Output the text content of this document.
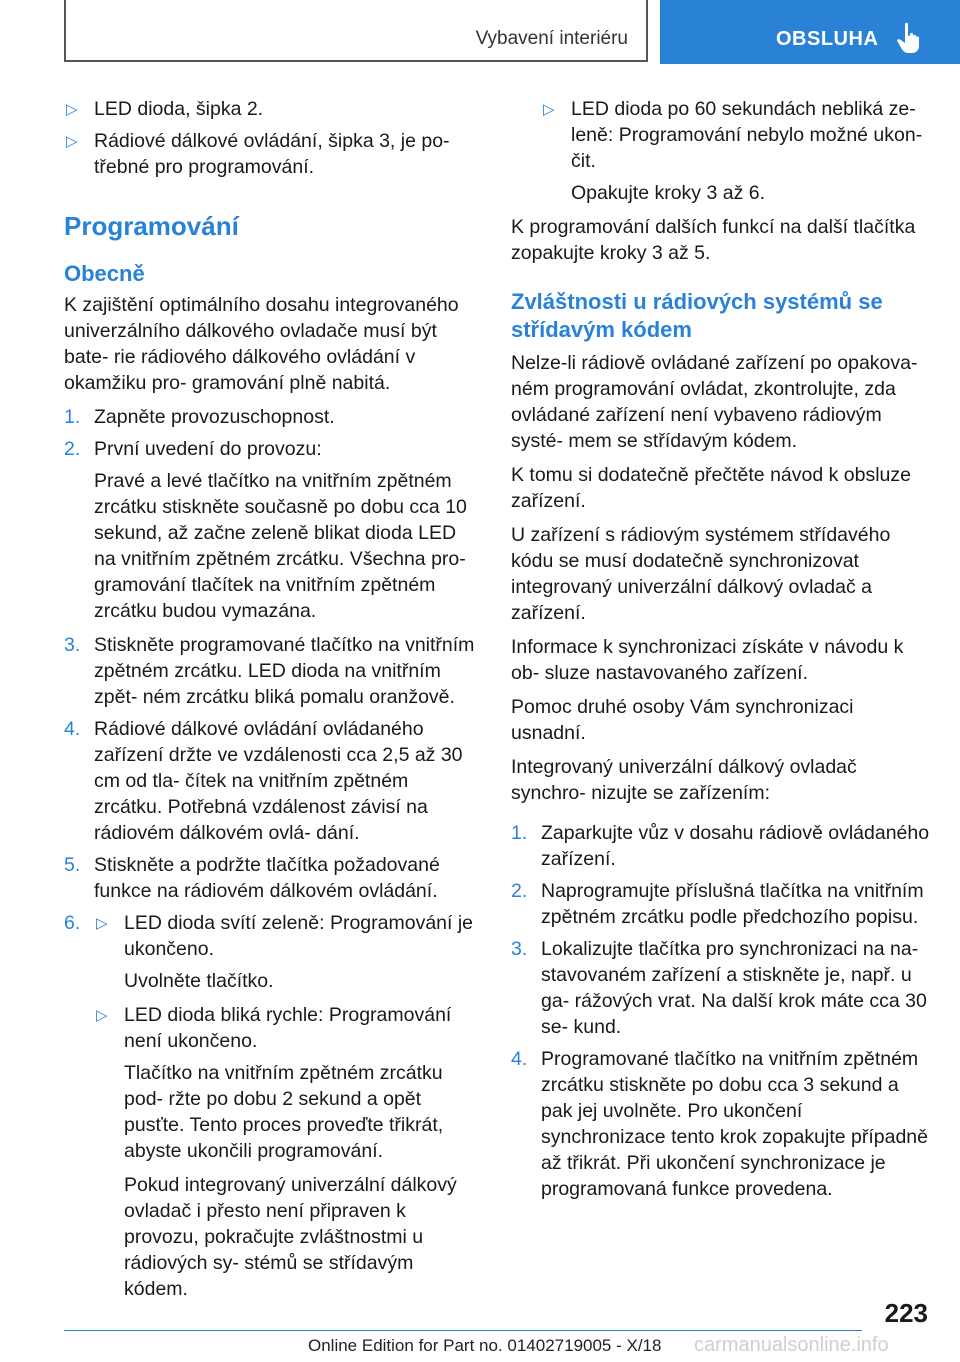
Vybavení interiéru	OBSLUHA
▷ LED dioda, šipka 2.
▷ Rádiové dálkové ovládání, šipka 3, je po‐ třebné pro programování.
Programování
Obecně

K zajištění optimálního dosahu integrovaného univerzálního dálkového ovladače musí být bate‐ rie rádiového dálkového ovládání v okamžiku pro‐ gramování plně nabitá.

1. Zapněte provozuschopnost.
2. První uvedení do provozu:

Pravé a levé tlačítko na vnitřním zpětném zrcátku stiskněte současně po dobu cca 10 sekund, až začne zeleně blikat dioda LED na vnitřním zpětném zrcátku. Všechna pro‐ gramování tlačítek na vnitřním zpětném zrcátku budou vymazána.

3. Stiskněte programované tlačítko na vnitřním zpětném zrcátku. LED dioda na vnitřním zpět‐ ném zrcátku bliká pomalu oranžově.
4. Rádiové dálkové ovládání ovládaného zařízení držte ve vzdálenosti cca 2,5 až 30 cm od tla‐ čítek na vnitřním zpětném zrcátku. Potřebná vzdálenost závisí na rádiovém dálkovém ovlá‐ dání.
5. Stiskněte a podržte tlačítka požadované funkce na rádiovém dálkovém ovládání.
6. ▷ LED dioda svítí zeleně: Programování je ukončeno.

Uvolněte tlačítko.

▷ LED dioda bliká rychle: Programování není ukončeno.

Tlačítko na vnitřním zpětném zrcátku pod‐ ržte po dobu 2 sekund a opět pusťte. Tento proces proveďte třikrát, abyste ukončili programování.

Pokud integrovaný univerzální dálkový ovladač i přesto není připraven k provozu, pokračujte zvláštnostmi u rádiových sy‐ stémů se střídavým kódem.

▷ LED dioda po 60 sekundách nebliká ze‐ leně: Programování nebylo možné ukon‐ čit.

Opakujte kroky 3 až 6.

K programování dalších funkcí na další tlačítka zopakujte kroky 3 až 5.

Zvláštnosti u rádiových systémů se střídavým kódem

Nelze-li rádiově ovládané zařízení po opakova‐ ném programování ovládat, zkontrolujte, zda ovládané zařízení není vybaveno rádiovým systé‐ mem se střídavým kódem.

K tomu si dodatečně přečtěte návod k obsluze zařízení.

U zařízení s rádiovým systémem střídavého kódu se musí dodatečně synchronizovat integrovaný univerzální dálkový ovladač a zařízení.

Informace k synchronizaci získáte v návodu k ob‐ sluze nastavovaného zařízení.

Pomoc druhé osoby Vám synchronizaci usnadní.

Integrovaný univerzální dálkový ovladač synchro‐ nizujte se zařízením:

1. Zaparkujte vůz v dosahu rádiově ovládaného zařízení.
2. Naprogramujte příslušná tlačítka na vnitřním zpětném zrcátku podle předchozího popisu.
3. Lokalizujte tlačítka pro synchronizaci na na‐ stavovaném zařízení a stiskněte je, např. u ga‐ rážových vrat. Na další krok máte cca 30 se‐ kund.
4. Programované tlačítko na vnitřním zpětném zrcátku stiskněte po dobu cca 3 sekund a pak jej uvolněte. Pro ukončení synchronizace tento krok zopakujte případně až třikrát. Při ukončení synchronizace je programovaná funkce provedena.
223
Online Edition for Part no. 01402719005 - X/18 carmanualsonline.info
